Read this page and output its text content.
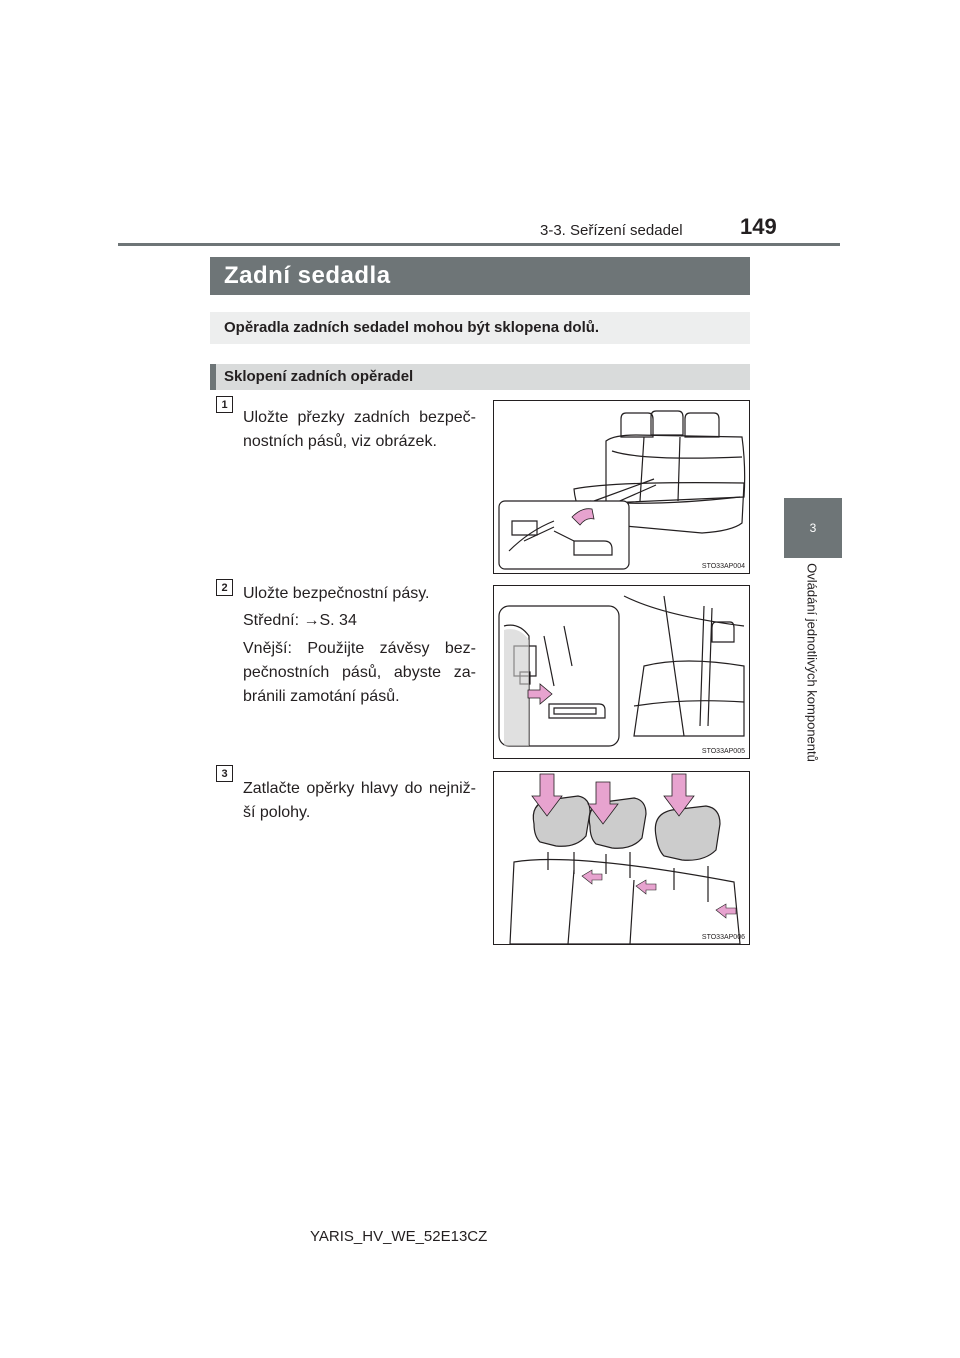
3-3. Seřízení sedadel	149
3
Ovládání jednotlivých komponentů
Zadní sedadla
Opěradla zadních sedadel mohou být sklopena dolů.
Sklopení zadních opěradel
1
Uložte přezky zadních bezpeč-
nostních pásů, viz obrázek.
STO33AP004
2 Uložte bezpečnostní pásy.
Střední: →S. 34
Vnější: Použijte závěsy bez-
pečnostních pásů, abyste za-
bránili zamotání pásů.
STO33AP005
3
Zatlačte opěrky hlavy do nejniž-
ší polohy.
STO33AP006
YARIS_HV_WE_52E13CZ
